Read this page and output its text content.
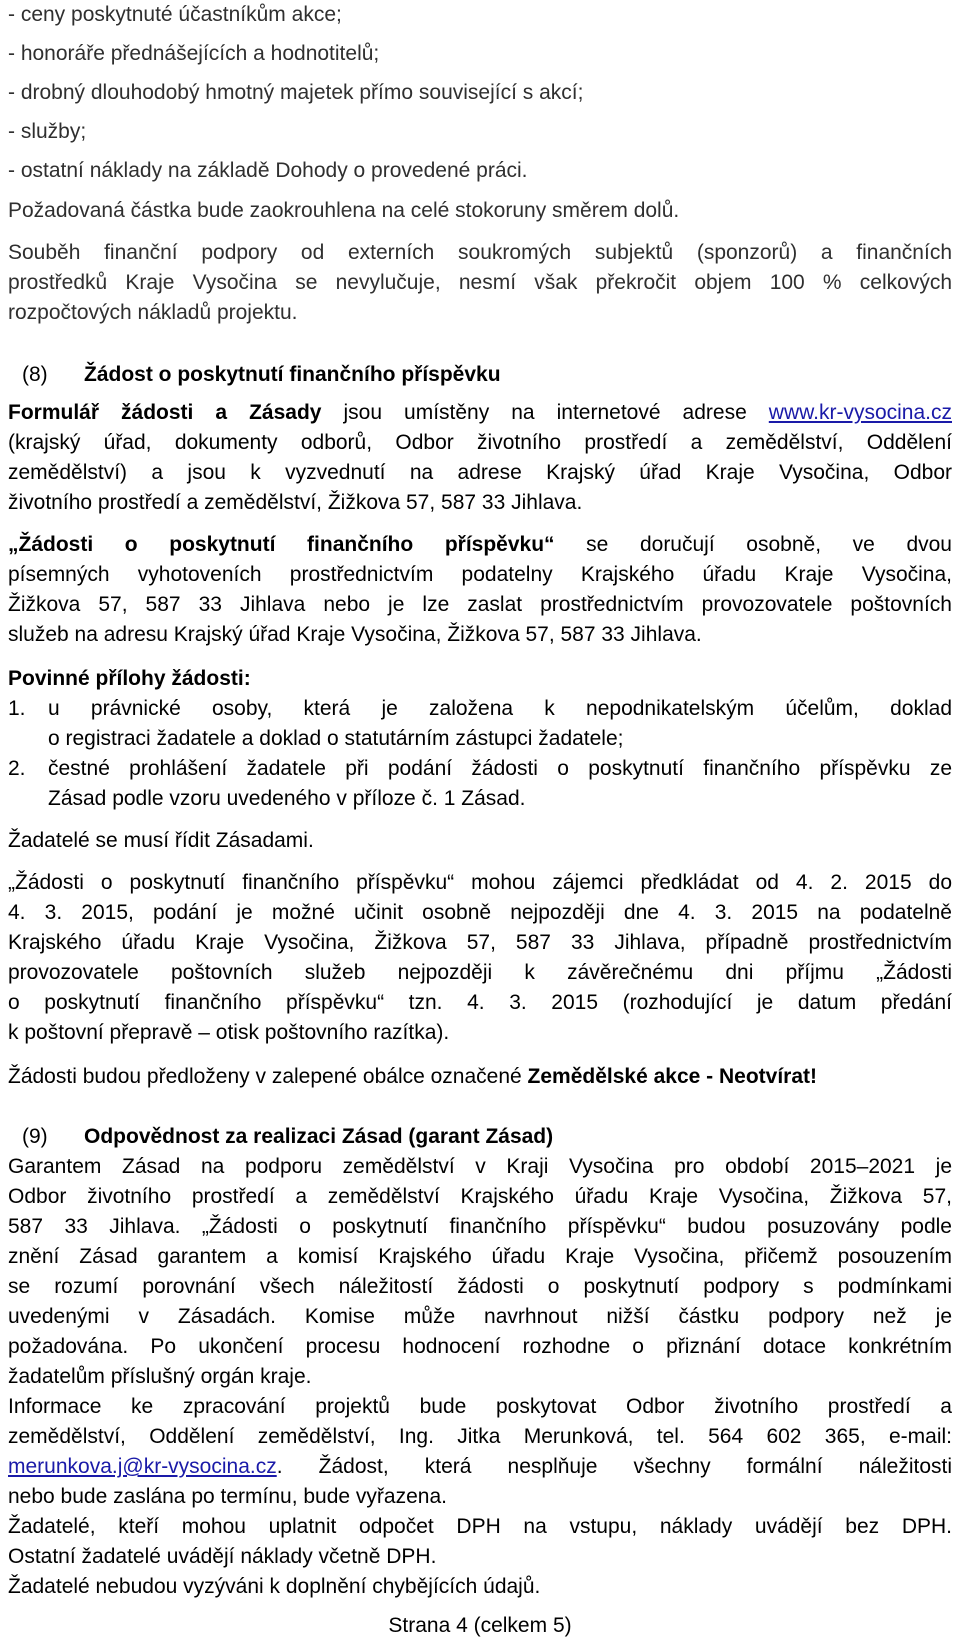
- ceny poskytnuté účastníkům akce;
- honoráře přednášejících a hodnotitelů;
- drobný dlouhodobý hmotný majetek přímo související s akcí;
- služby;
- ostatní náklady na základě Dohody o provedené práci.
Požadovaná částka bude zaokrouhlena na celé stokoruny směrem dolů.
Souběh finanční podpory od externích soukromých subjektů (sponzorů) a finančních
prostředků Kraje Vysočina se nevylučuje, nesmí však překročit objem 100 % celkových
rozpočtových nákladů projektu.
(8) Žádost o poskytnutí finančního příspěvku
Formulář žádosti a Zásady jsou umístěny na internetové adrese www.kr-vysocina.cz
(krajský úřad, dokumenty odborů, Odbor životního prostředí a zemědělství, Oddělení
zemědělství) a jsou k vyzvednutí na adrese Krajský úřad Kraje Vysočina, Odbor
životního prostředí a zemědělství, Žižkova 57, 587 33 Jihlava.
„Žádosti o poskytnutí finančního příspěvku“ se doručují osobně, ve dvou
písemných vyhotoveních prostřednictvím podatelny Krajského úřadu Kraje Vysočina,
Žižkova 57, 587 33 Jihlava nebo je lze zaslat prostřednictvím provozovatele poštovních
služeb na adresu Krajský úřad Kraje Vysočina, Žižkova 57, 587 33 Jihlava.
Povinné přílohy žádosti:
1. u právnické osoby, která je založena k nepodnikatelským účelům, doklad
o registraci žadatele a doklad o statutárním zástupci žadatele;
2. čestné prohlášení žadatele při podání žádosti o poskytnutí finančního příspěvku ze
Zásad podle vzoru uvedeného v příloze č. 1 Zásad.
Žadatelé se musí řídit Zásadami.
„Žádosti o poskytnutí finančního příspěvku“ mohou zájemci předkládat od 4. 2. 2015 do
4. 3. 2015, podání je možné učinit osobně nejpozději dne 4. 3. 2015 na podatelně
Krajského úřadu Kraje Vysočina, Žižkova 57, 587 33 Jihlava, případně prostřednictvím
provozovatele poštovních služeb nejpozději k závěrečnému dni příjmu „Žádosti
o poskytnutí finančního příspěvku“ tzn. 4. 3. 2015 (rozhodující je datum předání
k poštovní přepravě – otisk poštovního razítka).
Žádosti budou předloženy v zalepené obálce označené Zemědělské akce - Neotvírat!
(9) Odpovědnost za realizaci Zásad (garant Zásad)
Garantem Zásad na podporu zemědělství v Kraji Vysočina pro období 2015–2021 je
Odbor životního prostředí a zemědělství Krajského úřadu Kraje Vysočina, Žižkova 57,
587 33 Jihlava. „Žádosti o poskytnutí finančního příspěvku“ budou posuzovány podle
znění Zásad garantem a komisí Krajského úřadu Kraje Vysočina, přičemž posouzením
se rozumí porovnání všech náležitostí žádosti o poskytnutí podpory s podmínkami
uvedenými v Zásadách. Komise může navrhnout nižší částku podpory než je
požadována. Po ukončení procesu hodnocení rozhodne o přiznání dotace konkrétním
žadatelům příslušný orgán kraje.
Informace ke zpracování projektů bude poskytovat Odbor životního prostředí a
zemědělství, Oddělení zemědělství, Ing. Jitka Merunková, tel. 564 602 365, e-mail:
merunkova.j@kr-vysocina.cz. Žádost, která nesplňuje všechny formální náležitosti
nebo bude zaslána po termínu, bude vyřazena.
Žadatelé, kteří mohou uplatnit odpočet DPH na vstupu, náklady uvádějí bez DPH.
Ostatní žadatelé uvádějí náklady včetně DPH.
Žadatelé nebudou vyzýváni k doplnění chybějících údajů.
Strana 4 (celkem 5)
